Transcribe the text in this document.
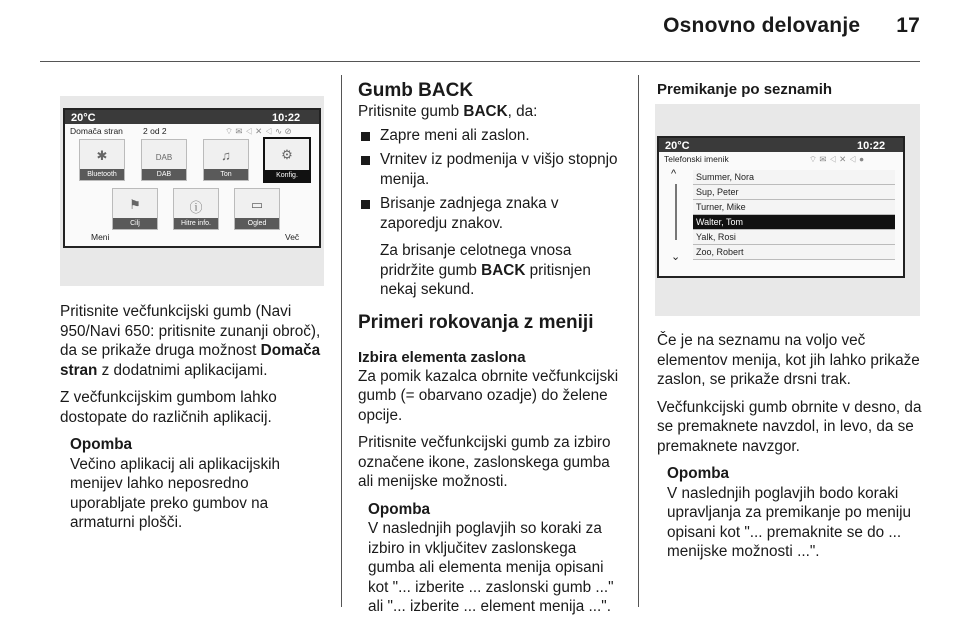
Osnovno delovanje 17
20°C	10:22
Domača stran 2 od 2	⌔ ✉ ◁ ✕ ◁ ∿ ⊘
✱
Bluetooth
DAB
DAB
♫
Ton
⚙
Konfig.
⚑
Cilj
ⓘ
Hitre info.
▭
Ogled
Meni	Več

Pritisnite večfunkcijski gumb (Navi 950/Navi 650: pritisnite zunanji obroč), da se prikaže druga možnost Domača stran z dodatnimi aplikacijami.

Z večfunkcijskim gumbom lahko dostopate do različnih aplikacij.

Opomba
Večino aplikacij ali aplikacijskih menijev lahko neposredno uporabljate preko gumbov na armaturni plošči.
Gumb BACK

Pritisnite gumb BACK, da:

Zapre meni ali zaslon.
Vrnitev iz podmenija v višjo stopnjo menija.
Brisanje zadnjega znaka v zaporedju znakov.

Za brisanje celotnega vnosa pridržite gumb BACK pritisnjen nekaj sekund.

Primeri rokovanja z meniji
Izbira elementa zaslona

Za pomik kazalca obrnite večfunkcijski gumb (= obarvano ozadje) do želene opcije.

Pritisnite večfunkcijski gumb za izbiro označene ikone, zaslonskega gumba ali menijske možnosti.

Opomba
V naslednjih poglavjih so koraki za izbiro in vključitev zaslonskega gumba ali elementa menija opisani kot "... izberite ... zaslonski gumb ..." ali "... izberite ... element menija ...".
Premikanje po seznamih
20°C	10:22
Telefonski imenik	⌔ ✉ ◁ ✕ ◁ ●
^
⌄
Summer, Nora
Sup, Peter
Turner, Mike
Walter, Tom
Yalk, Rosi
Zoo, Robert

Če je na seznamu na voljo več elementov menija, kot jih lahko prikaže zaslon, se prikaže drsni trak.

Večfunkcijski gumb obrnite v desno, da se premaknete navzdol, in levo, da se premaknete navzgor.

Opomba
V naslednjih poglavjih bodo koraki upravljanja za premikanje po meniju opisani kot "... premaknite se do ... menijske možnosti ...".
